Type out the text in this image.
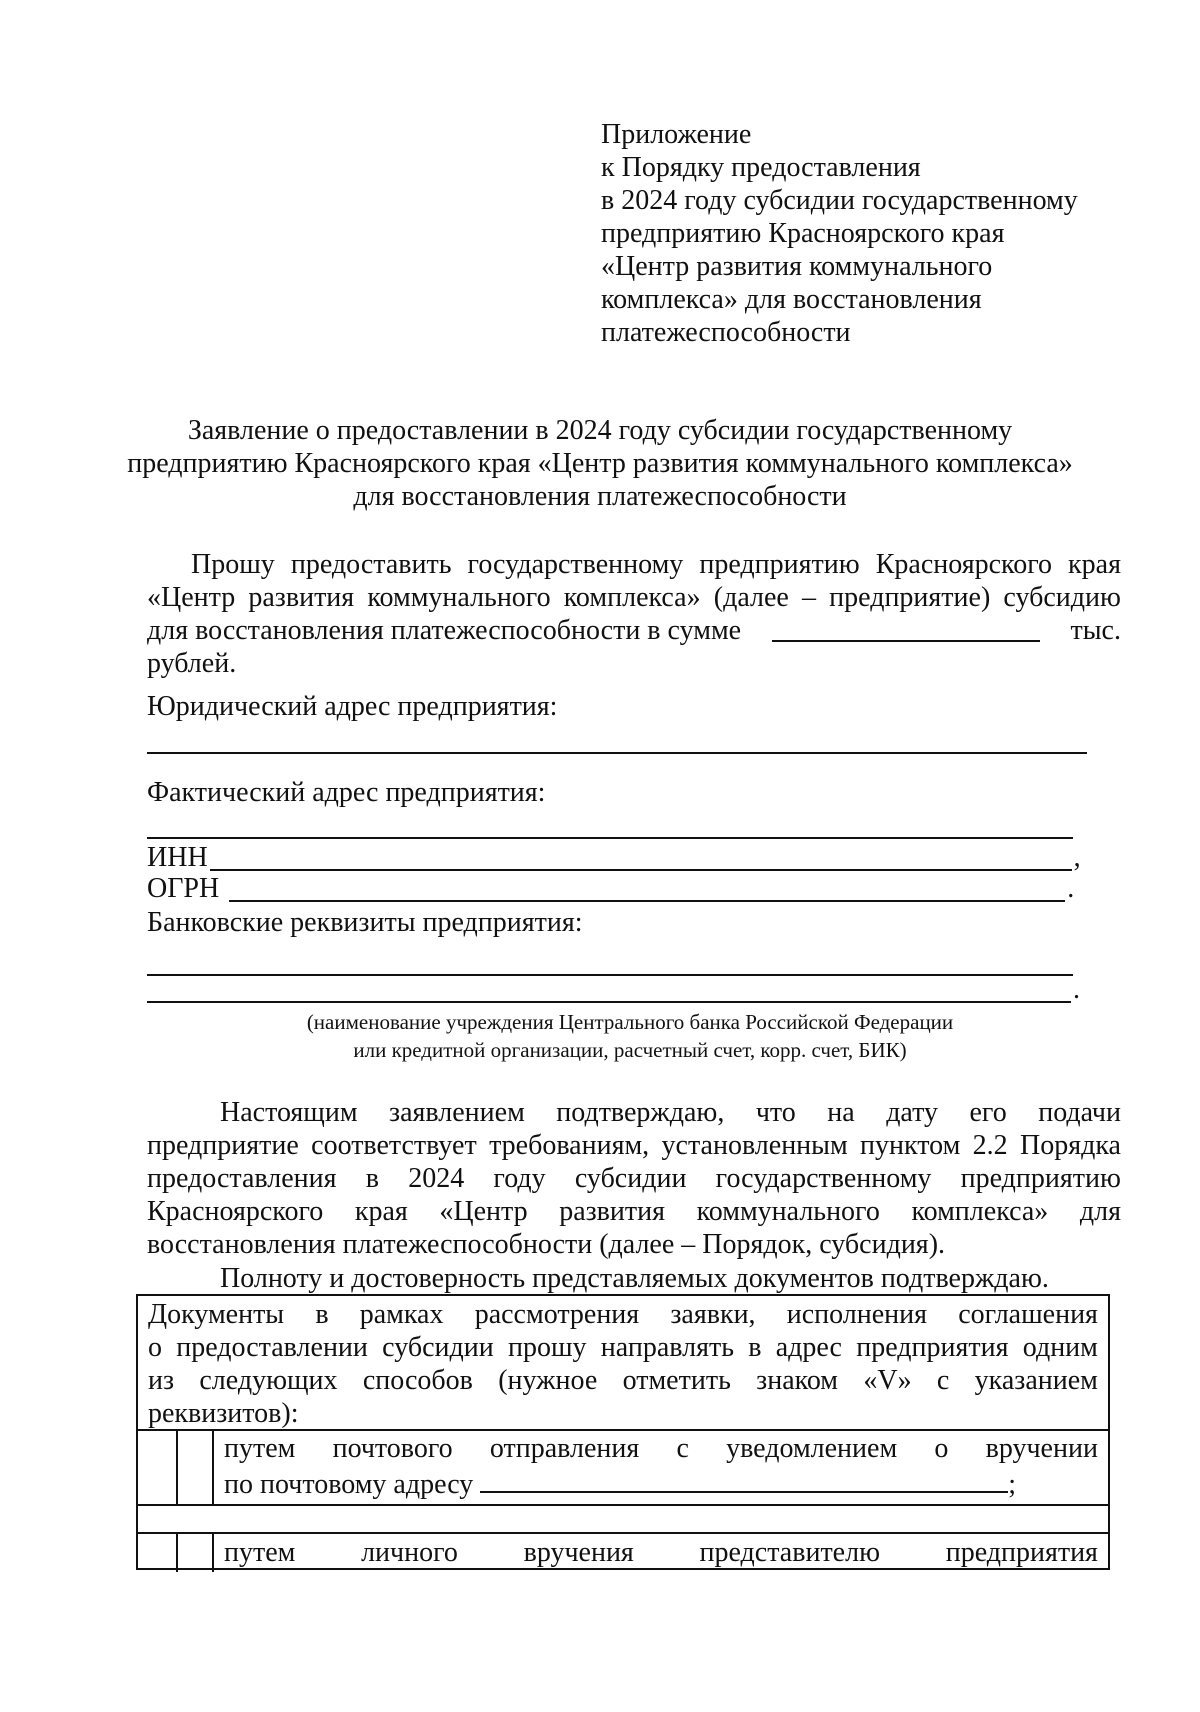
Приложение
к Порядку предоставления
в 2024 году субсидии государственному
предприятию Красноярского края
«Центр развития коммунального
комплекса» для восстановления
платежеспособности
Заявление о предоставлении в 2024 году субсидии государственному
предприятию Красноярского края «Центр развития коммунального комплекса»
для восстановления платежеспособности
Прошу предоставить государственному предприятию Красноярского края
«Центр развития коммунального комплекса» (далее – предприятие) субсидию
для восстановления платежеспособности в сумме	тыс.
рублей.
Юридический адрес предприятия:
Фактический адрес предприятия:
ИНН	,
ОГРН	.
Банковские реквизиты предприятия:
.
(наименование учреждения Центрального банка Российской Федерации
или кредитной организации, расчетный счет, корр. счет, БИК)
Настоящим заявлением подтверждаю, что на дату его подачи
предприятие соответствует требованиям, установленным пунктом 2.2 Порядка
предоставления в 2024 году субсидии государственному предприятию
Красноярского края «Центр развития коммунального комплекса» для
восстановления платежеспособности (далее – Порядок, субсидия).
Полноту и достоверность представляемых документов подтверждаю.
Документы в рамках рассмотрения заявки, исполнения соглашения
о предоставлении субсидии прошу направлять в адрес предприятия одним
из следующих способов (нужное отметить знаком «V» с указанием
реквизитов):
путем почтового отправления с уведомлением о вручении
по почтовому адресу	;
путем личного вручения представителю предприятия
